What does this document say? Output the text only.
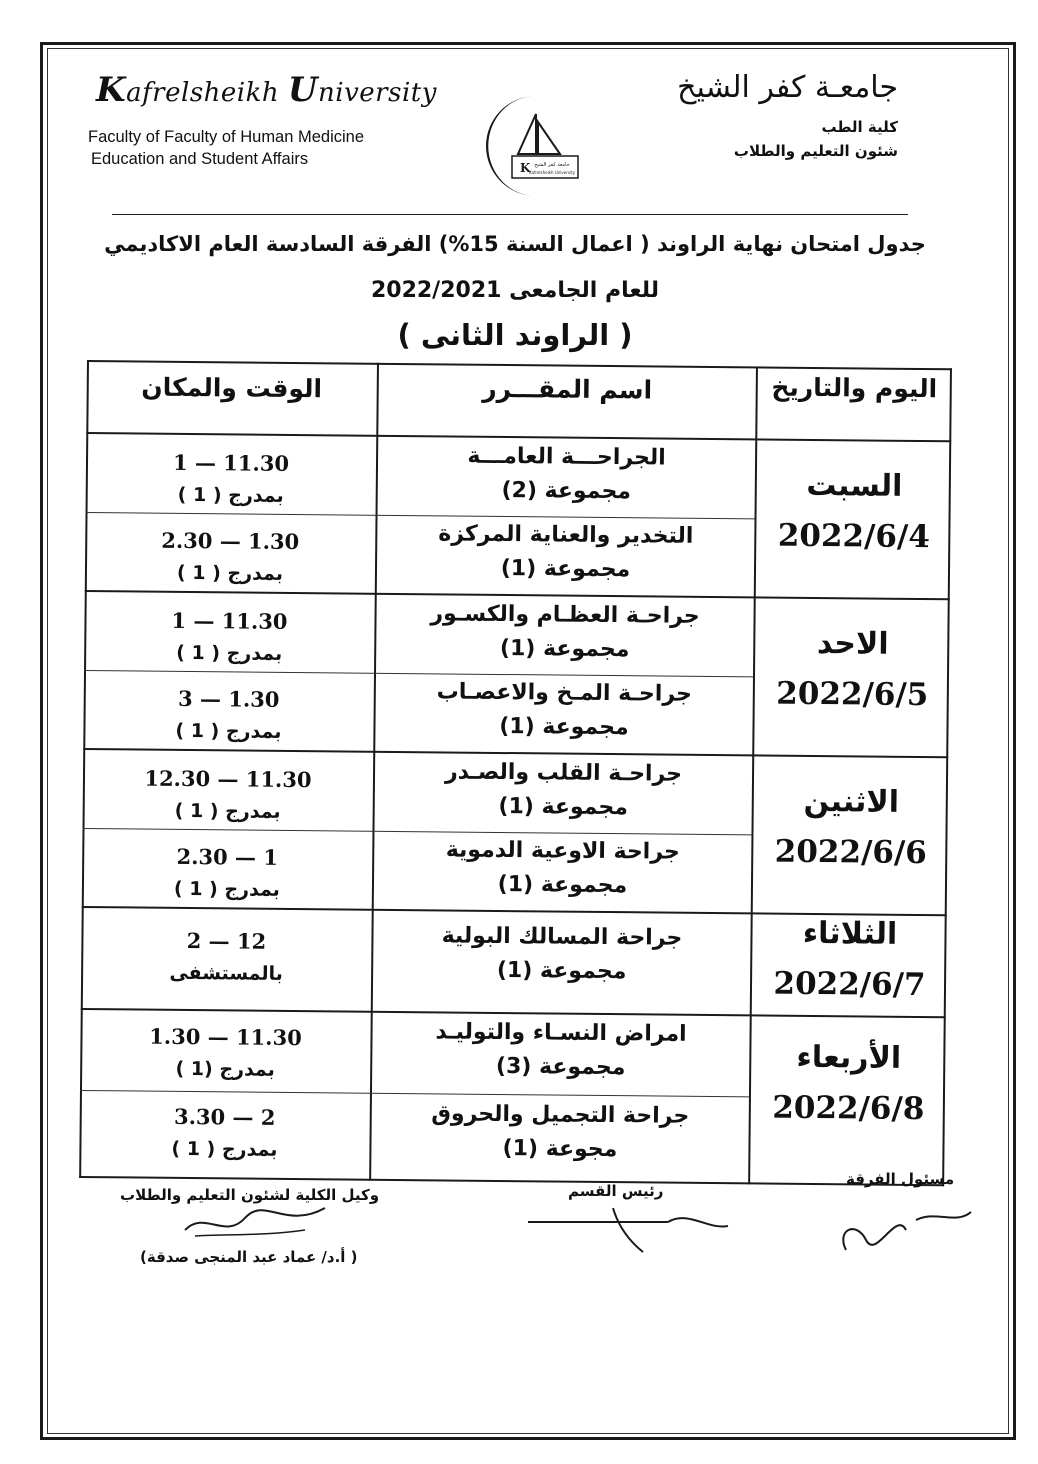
Kafrelsheikh University
Faculty of Faculty of Human Medicine
Education and Student Affairs
جامعـة كفر الشيخ
كلية الطب
شئون التعليم والطلاب
K جامعة كفر الشيخ
Kafrelsheikh University
جدول امتحان نهاية الراوند ( اعمال السنة 15%) الفرقة السادسة العام الاكاديمي
للعام الجامعى 2022/2021
( الراوند الثانى )
اليوم والتاريخ
اسم المقـــرر
الوقت والمكان
السبت
2022/6/4
الاحد
2022/6/5
الاثنين
2022/6/6
الثلاثاء
2022/6/7
الأربعاء
2022/6/8
الجراحـــة العامـــة
مجموعة (2)
1 — 11.30
بمدرج ( 1 )
التخدير والعناية المركزة
مجموعة (1)
2.30 — 1.30
بمدرج ( 1 )
جراحـة العظـام والكسـور
مجموعة (1)
1 — 11.30
بمدرج ( 1 )
جراحـة المـخ والاعصـاب
مجموعة (1)
3 — 1.30
بمدرج ( 1 )
جراحـة القلب والصـدر
مجموعة (1)
12.30 — 11.30
بمدرج ( 1 )
جراحة الاوعية الدموية
مجموعة (1)
2.30 — 1
بمدرج ( 1 )
جراحة المسالك البولية
مجموعة (1)
2 — 12
بالمستشفى
امراض النسـاء والتوليـد
مجموعة (3)
1.30 — 11.30
بمدرج (1 )
جراحة التجميل والحروق
مجوعة (1)
3.30 — 2
بمدرج ( 1 )
وكيل الكلية لشئون التعليم والطلاب
( أ.د/ عماد عبد المنجى صدقة)
رئيس القسم
مسئول الفرقة
